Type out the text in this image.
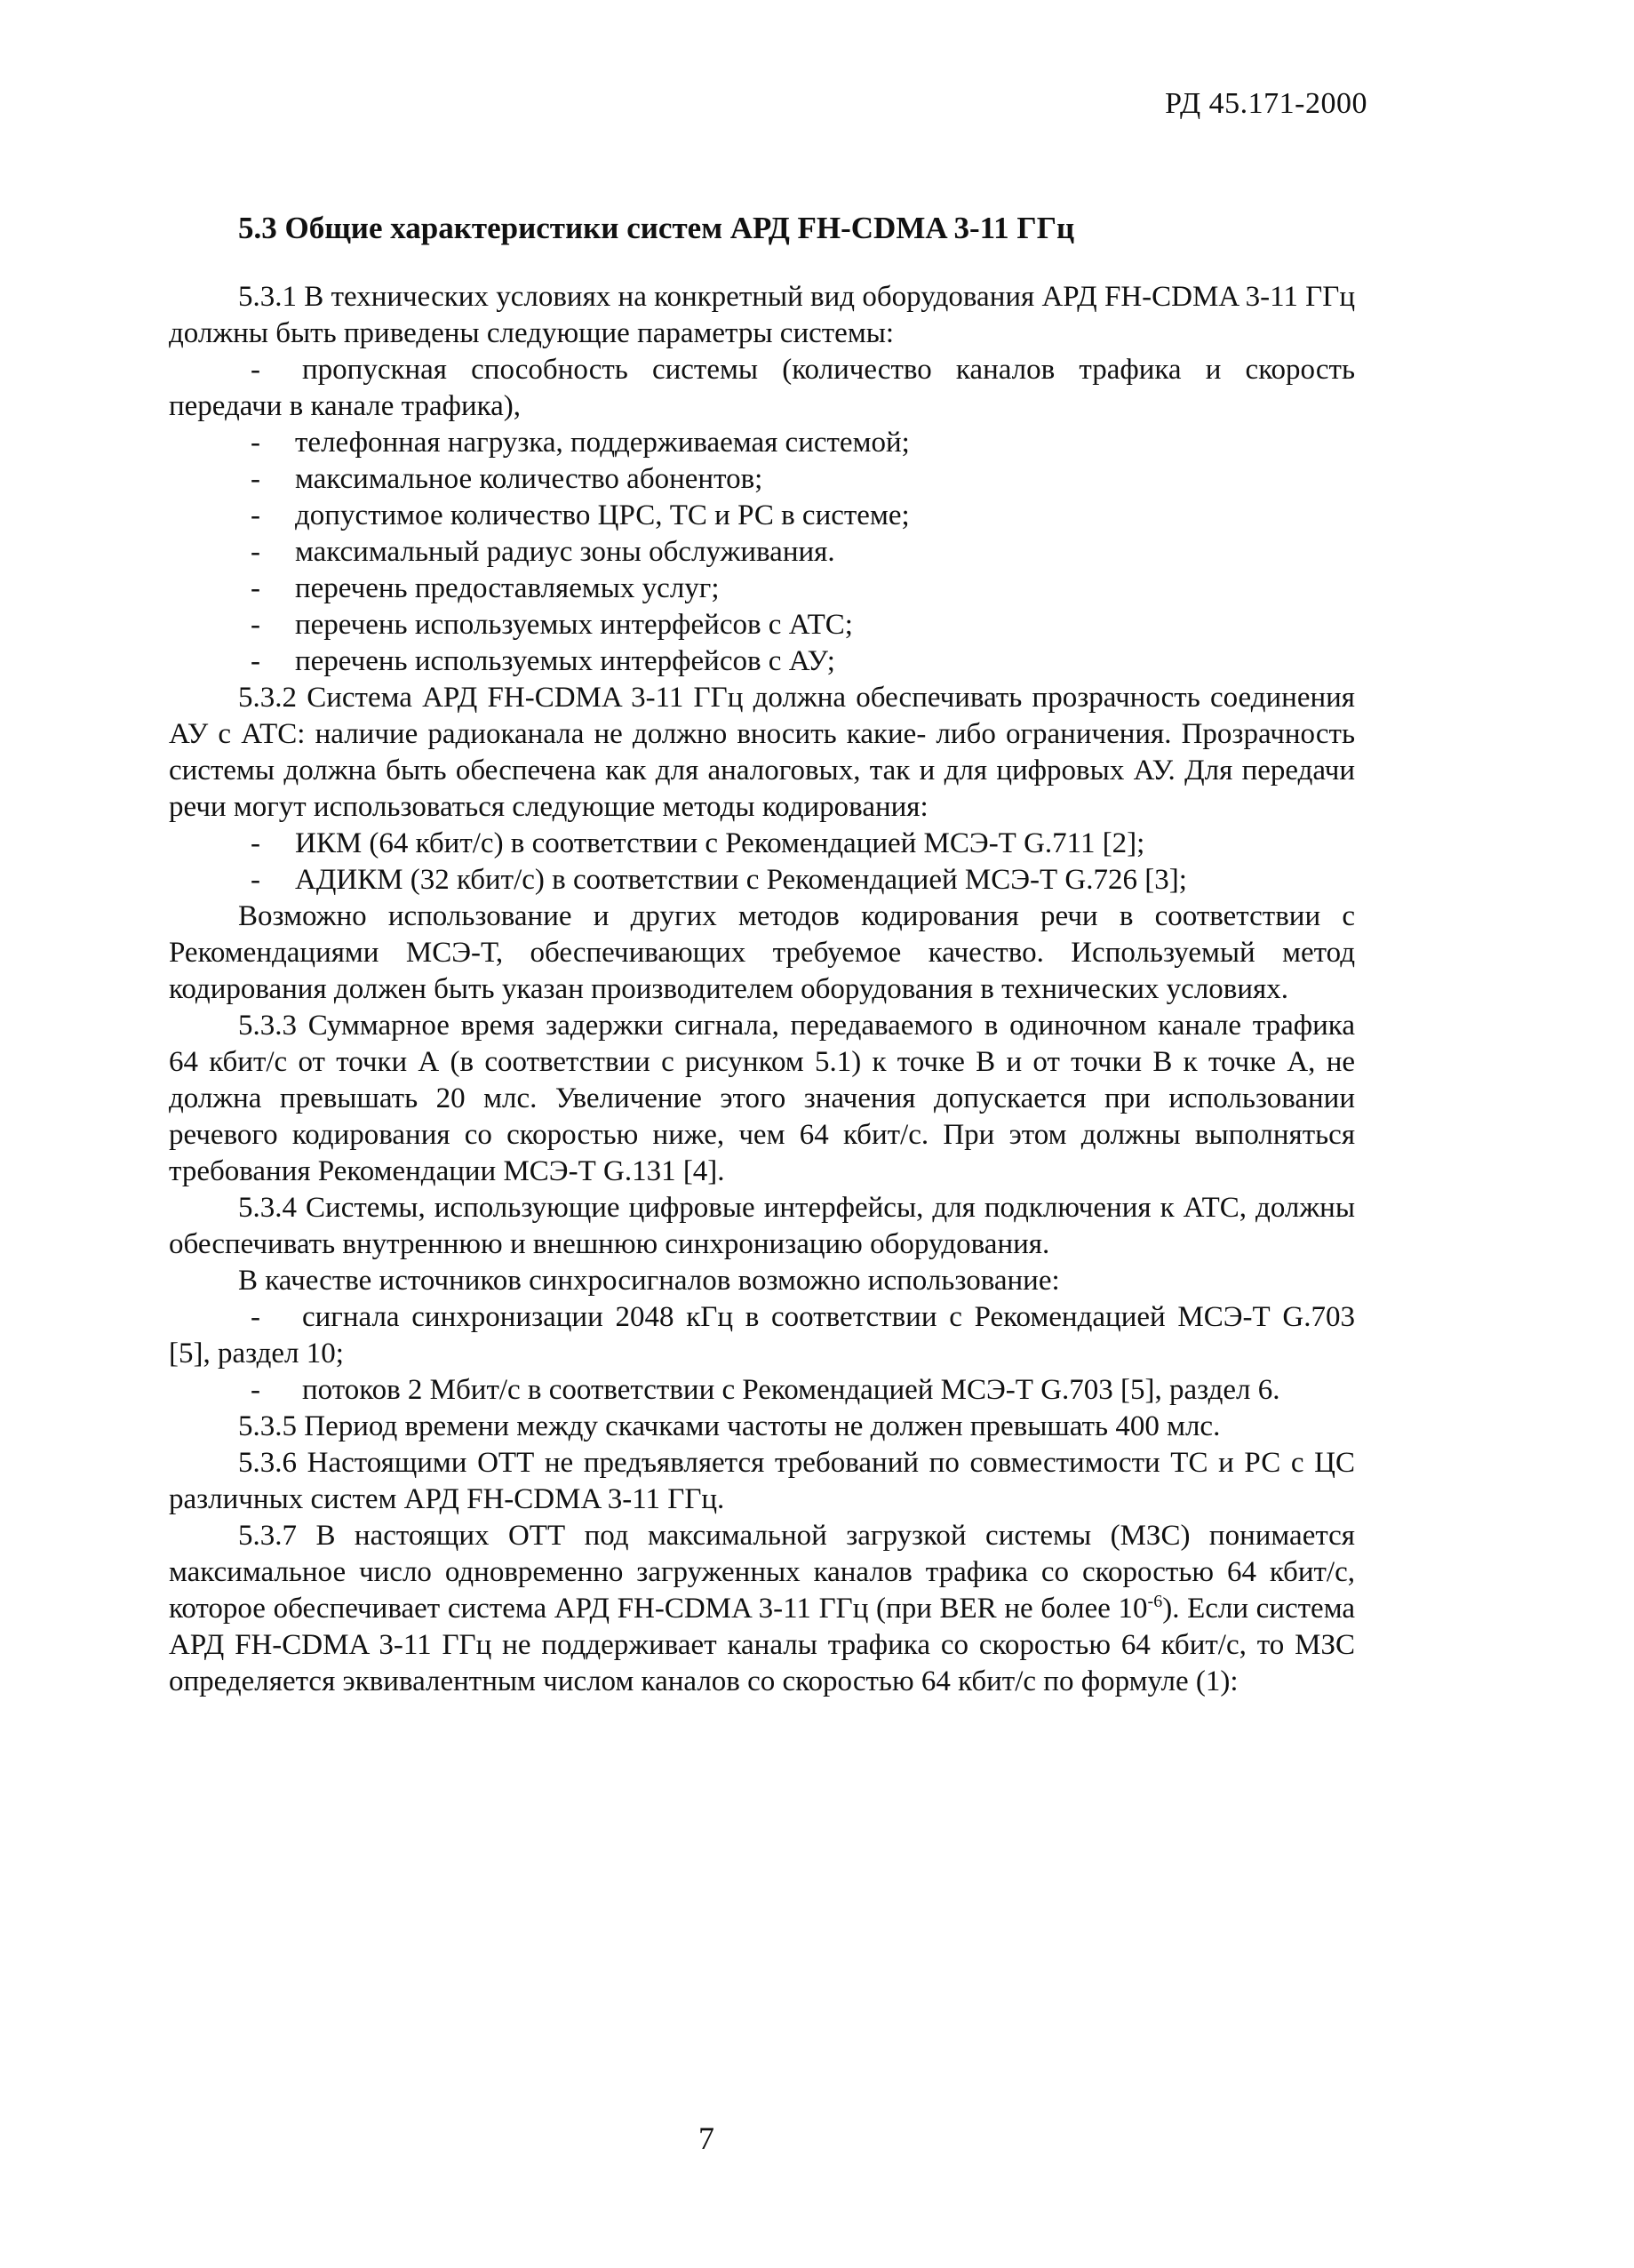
РД 45.171-2000
5.3 Общие характеристики систем АРД FH-CDMA 3-11 ГГц

5.3.1 В технических условиях на конкретный вид оборудования АРД FH-CDMA 3-11 ГГц должны быть приведены следующие параметры системы:

-	пропускная способность системы (количество каналов трафика и скорость передачи в канале трафика),
-	телефонная нагрузка, поддерживаемая системой;
-	максимальное количество абонентов;
-	допустимое количество ЦРС, ТС и РС в системе;
-	максимальный радиус зоны обслуживания.
-	перечень предоставляемых услуг;
-	перечень используемых интерфейсов с АТС;
-	перечень используемых интерфейсов с АУ;

5.3.2 Система АРД FH-CDMA 3-11 ГГц должна обеспечивать прозрачность соединения АУ с АТС: наличие радиоканала не должно вносить какие- либо ограничения. Прозрачность системы должна быть обеспечена как для аналоговых, так и для цифровых АУ. Для передачи речи могут использоваться следующие методы кодирования:

-	ИКМ (64 кбит/с) в соответствии с Рекомендацией МСЭ-Т G.711 [2];
-	АДИКМ (32 кбит/с) в соответствии с Рекомендацией МСЭ-Т G.726 [3];

Возможно использование и других методов кодирования речи в соответствии с Рекомендациями МСЭ-Т, обеспечивающих требуемое качество. Используемый метод кодирования должен быть указан производителем оборудования в технических условиях.

5.3.3 Суммарное время задержки сигнала, передаваемого в одиночном канале трафика 64 кбит/с от точки А (в соответствии с рисунком 5.1) к точке В и от точки В к точке А, не должна превышать 20 млс. Увеличение этого значения допускается при использовании речевого кодирования со скоростью ниже, чем 64 кбит/с. При этом должны выполняться требования Рекомендации МСЭ-Т G.131 [4].

5.3.4 Системы, использующие цифровые интерфейсы, для подключения к АТС, должны обеспечивать внутреннюю и внешнюю синхронизацию оборудования.

В качестве источников синхросигналов возможно использование:

-	сигнала синхронизации 2048 кГц в соответствии с Рекомендацией МСЭ-Т G.703 [5], раздел 10;
-	потоков 2 Мбит/с в соответствии с Рекомендацией МСЭ-Т G.703 [5], раздел 6.

5.3.5 Период времени между скачками частоты не должен превышать 400 млс.

5.3.6 Настоящими ОТТ не предъявляется требований по совместимости ТС и РС с ЦС различных систем АРД FH-CDMA 3-11 ГГц.

5.3.7 В настоящих ОТТ под максимальной загрузкой системы (МЗС) понимается максимальное число одновременно загруженных каналов трафика со скоростью 64 кбит/с, которое обеспечивает система АРД FH-CDMA 3-11 ГГц (при BER не более $10^{-6}$). Если система АРД FH-CDMA 3-11 ГГц не поддерживает каналы трафика со скоростью 64 кбит/с, то МЗС определяется эквивалентным числом каналов со скоростью 64 кбит/с по формуле (1):

7
